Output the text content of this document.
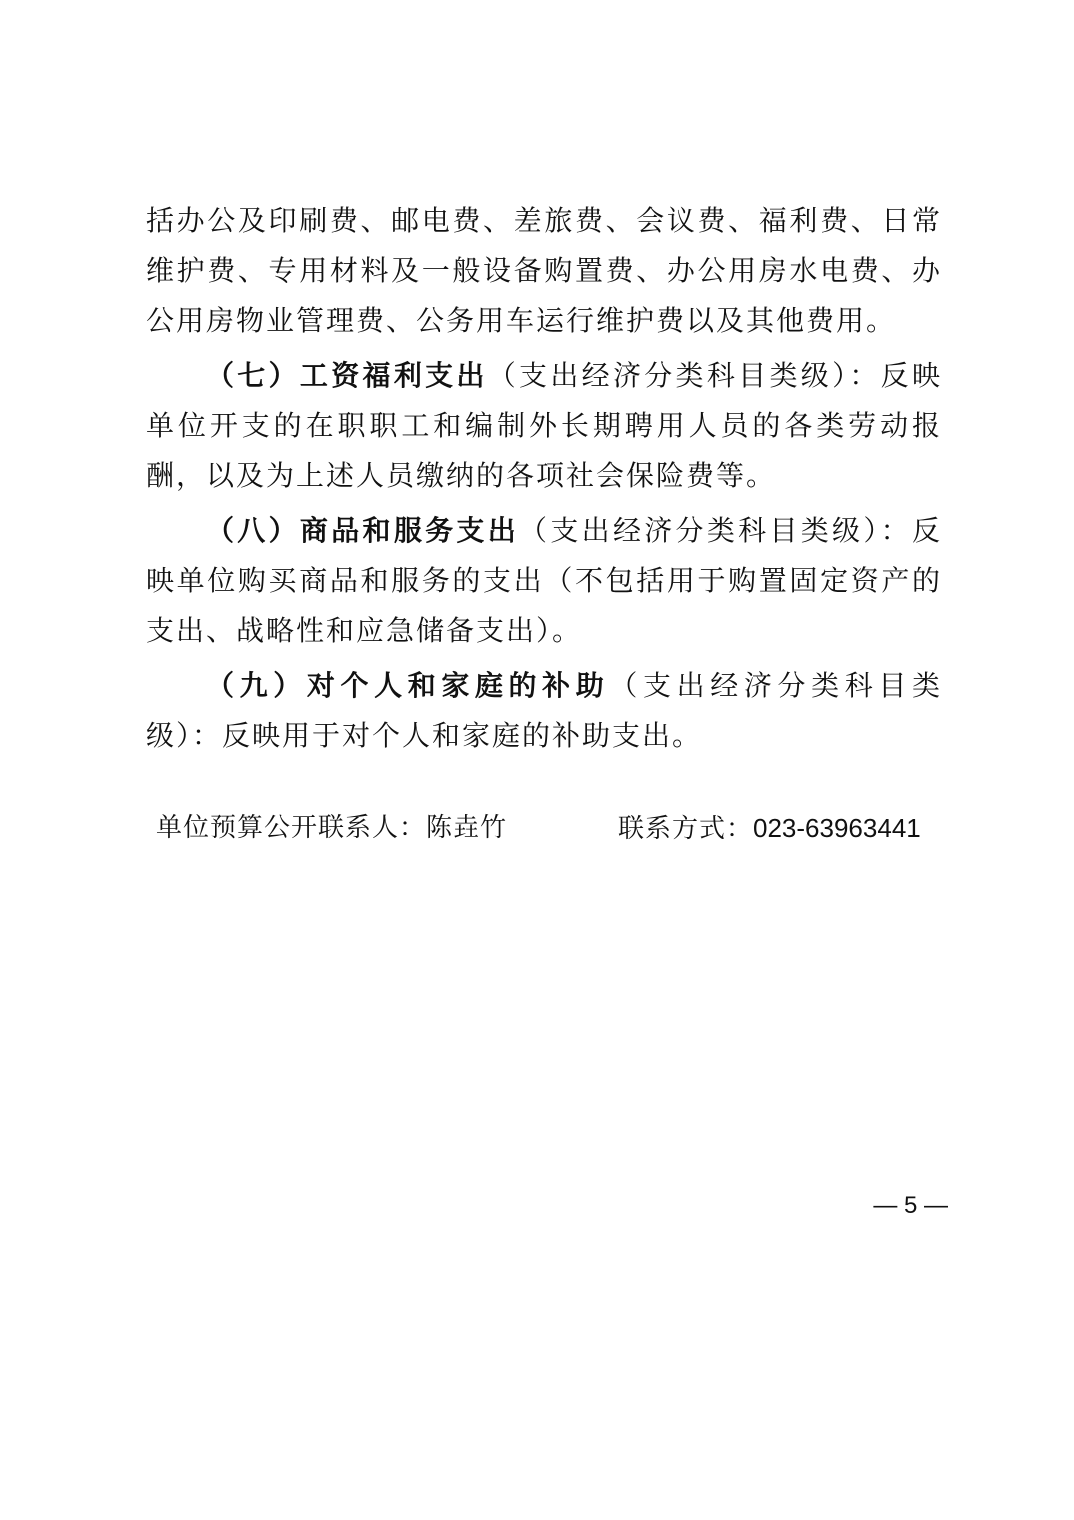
括办公及印刷费、邮电费、差旅费、会议费、福利费、日常维护费、专用材料及一般设备购置费、办公用房水电费、办公用房物业管理费、公务用车运行维护费以及其他费用。

（七）工资福利支出（支出经济分类科目类级）：反映单位开支的在职职工和编制外长期聘用人员的各类劳动报酬，以及为上述人员缴纳的各项社会保险费等。

（八）商品和服务支出（支出经济分类科目类级）：反映单位购买商品和服务的支出（不包括用于购置固定资产的支出、战略性和应急储备支出）。

（九）对个人和家庭的补助（支出经济分类科目类级）：反映用于对个人和家庭的补助支出。

单位预算公开联系人：陈垚竹	联系方式：023-63963441
— 5 —
